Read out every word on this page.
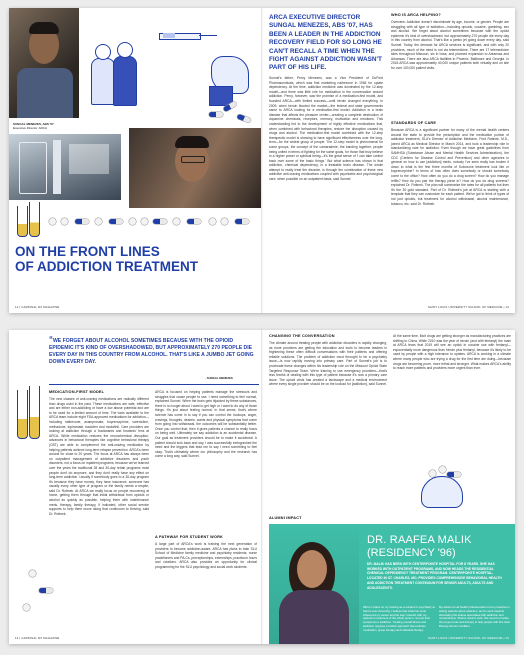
SUNGAL MENEZES, ABS '07
Executive Director, ARCA
ON THE FRONT LINES
OF ADDICTION TREATMENT
ARCA EXECUTIVE DIRECTOR SUNGAL MENEZES, ABS '07, HAS BEEN A LEADER IN THE ADDICTION RECOVERY FIELD FOR SO LONG HE CAN'T RECALL A TIME WHEN THE FIGHT AGAINST ADDICTION WASN'T PART OF HIS LIFE.
Sunnel's father, Percy Menezes, was a Vice President of DuPont Pharmaceuticals, which was first marketing naltrexone in 1984 for opiate dependency. At the time, addiction medicine was dominated by the 12-step model—and there was little role for medication in the conversation around addiction. Percy, however, saw the promise of a medication-first model, and founded ARCA—with limited success—until heroin changed everything. In 2009, when heroin flooded the market—the federal and state governments came to ARCA looking for a medication-first model. Addiction is a brain disease that affects the pleasure center—creating a complete destruction of dopamine chemicals, receptors, memory, motivation and emotions. This understanding led to the development of highly effective medications that, when combined with behavioral therapies, restore the disruption caused by drugs and alcohol. The medication-first model combined with the 12-step therapeutic model is showing to have significant effectiveness over the long-term—for the widest group of people. The 12-step model is phenomenal for some groups, the concept of the camaraderie, the banding together, people being united in terms of fighting for the same goals, for those that truly believe in a higher power or spiritual being—it's the great sense of 'I can take control back over some of the basic things.' But what science has shown is that addiction, chemical dependency, is a treatable brain disease. The whole attempt to really treat the disorder, is through the combination of these new addictive anti-craving medications coupled with psychiatric and psychological care, when possible on an outpatient basis, said Sunnel.
WHO IS ARCA HELPING?
Overview: Addiction doesn't discriminate by age, income, or gender. People are struggling with all type of addiction—including opioids, cocaine, gambling, sex and alcohol. We forget about alcohol sometimes because with the opioid epidemic it's kind of overshadowed, but approximately 270 people die every day in this country from alcohol. That's like a jumbo jet going down every day, said Sunnel. Today, the demand for ARCA services is significant, and with only 20 providers, much of the need is not via telemedicine. There are 17 telemedicine sites throughout Missouri, six in Iowa, and planned expansion to Arkansas and Arkansas. There are also ARCA facilities in Phoenix, Baltimore and Georgia. In 2018 ARCA saw approximately 40,000 unique patients both virtually and on site for over 100,000 patient visits.
STANDARDS OF CARE
Because ARCA is a significant partner for many of the mental health centers around the state to provide the prescription and the medication portion of addiction treatment, SLU's Director of Addiction Medicine, Fred Rottnek, M.D., joined ARCA as Medical Director in March 2014, and took a leadership role in standardizing care for addiction. Even though we have great guidelines from SAMHSA (Substance Abuse and Mental Health Services Administration), the CDC (Centers for Disease Control and Prevention) and other agencies in general on how to use [addiction] meds, nobody I've seen really has broken it down to what is the first three months of Suboxone treatment look like or buprenorphine? In terms of how often does somebody or should somebody come to the office? How often do you do a drug screen? How do you manage refills? How do you pair the therapy piece in? How do you do drug screens? explained Dr. Rottnek. The plan will summarize the rates for all patients but then it's the 30 gold standard. Part of Dr. Rottnek's job at ARCA is starting with a template that they can customize for each patient. We've got to think of types of not just opioids, but treatment for alcohol withdrawal, alcohol maintenance, tobacco, etc. said Dr. Rottnek.
12 | CARDINAL RX MAGAZINE	SAINT LOUIS UNIVERSITY SCHOOL OF MEDICINE | 13
“WE FORGET ABOUT ALCOHOL SOMETIMES BECAUSE WITH THE OPIOID EPIDEMIC IT'S KIND OF OVERSHADOWED, BUT APPROXIMATELY 270 PEOPLE DIE EVERY DAY IN THIS COUNTRY FROM ALCOHOL. THAT'S LIKE A JUMBO JET GOING DOWN EVERY DAY.
- SUNGAL MENEZES
MEDICATION-FIRST MODEL
The new classes of anti-craving medications are radically different than drugs used in the past. These medications are safe, effective and are either non-addicting or have a low abuse potential and are to be used for a limited amount of time. The tools available to the ARCA team include eight FDA-approved medications for addiction—including naltrexone, acamprosate, buprenorphine, varenicline, methadone, topiramate, baclofen and modafinil. Care providers are looking at addiction through a 'backwards and forwards' lens at ARCA. While medication restores the neurochemical disruption, advances in behavioral therapies like cognitive behavioral therapy (CBT) are able to complement the anti-craving medication by helping patients achieve long-term relapse prevention. ARCA's been around for close to 20 years. The focus at ARCA has always been on outpatient management of addictive disorders and youth disorders, not a focus on inpatient programs, because we've learned over the years the traditional 28 and 30-day rehab programs most people don't do anymore, and they don't really have any effect on long-term addiction. Usually if somebody goes to a 30-day program it's because they have money, they have insurance, someone has usually every other type of program or the family needs a respite, said Dr. Rottnek. At ARCA we really focus on people recovering at home, getting them through that initial withdrawal from opioids or alcohol as quickly as possible, helping them with maintenance meds, therapy, family therapy, if indicated, other social service supports to help them move along that continuum to thriving, said Dr. Rottnek.
ARCA is focused on helping patients manage the stressors and struggles that cause people to use. I need something to feel normal, explained Sunnel. When the brain gets hijacked by these substances, there is no longer about I want to get high or I want to do any of those things. It's just about feeling normal. In that sense, that's where science has come in to say if you can control the hookups, anger, cravings, thoughts, desires, wants and physical symptoms that come from going into withdrawal, the outcomes will be substantially better. Once you control that, then it gives patients a chance to really focus on being well. Ultimately we say addiction is an accidental disease. Our goal as treatment providers should be to make it accidental. A patient should look back and say, I was successfully extinguished the need and the triggers that lead me to say I need something to feel okay. That's ultimately where our philosophy and the research has come a long way, said Sunnel.
A PATHWAY FOR STUDENT WORK
A large part of ARCA's work is training the next generation of providers to become addiction-aware. ARCA has plans to train SLU School of Medicine family medicine and psychiatry residents, nurse practitioners and PA-Cs, preceptorships, externships, practicum hours and rotations. ARCA also provides an opportunity for clinical programming for the SLU psychology and social work students.
CHANGING THE CONVERSATION
The climate around treating people with addiction disorders is rapidly changing, as more providers are getting the education and tools to become leaders in frightening these often difficult conversations with their patients and offering reliable solutions. The problem of addiction must throught to be a psychiatry issue—is now rapidly moving into primary care. Part of Sunnel's job is to proximate these changes within his leadership role on the Missouri Opioid State Targeted Response Team. We're training to use emergency providers—that's less fearful of dealing with this type of patient because it's now a primary care issue. The opioid crisis has created a landscape and a medical environment where every single provider should be on the lookout for [addiction], said Sunnel.
At the same time, illicit drugs are getting stronger as manufacturing practices are shifting to China. While 2010 was the year of heroin (and with fentanyl) the main at ARCA fears that 2019 will see an uptick in cocaine use with fentanyl—exponentially more dangerous than heroin plus fentanyl, because it's likely to be used by people with a high tolerance to opiates. ARCA is working in a climate where many people who are trying a drug for the first time are doing—because drugs are becoming purer, more lethal and stronger. What makes ARCA's ability to reach more patients and providers more urgent than ever.
ALUMNI IMPACT
DR. RAAFEA MALIK
(RESIDENCY '96)
DR. MALIK HAS BEEN WITH CENTERPOINTE HOSPITAL FOR 8 YEARS. SHE HAS WORKED WITH OUTPATIENT PROGRAMS, AND NOW HEADS THE RESIDENTIAL CHEMICAL DEPENDENCY TREATMENT PROGRAM. CENTERPOINTE HOSPITAL, LOCATED IN ST. CHARLES, MO, PROVIDES COMPREHENSIVE BEHAVIORAL HEALTH AND ADDICTION TREATMENT CONTINUUM FOR SENIOR ADULTS, ADULTS AND ADOLESCENTS.
When I reflect on my training as a resident in psychiatry at Saint Louis University, I believe that what has most influenced my career and the way I interact with my patients is treatment of the whole person, not just their symptoms or addiction. Treating mental illness and addiction requires a holistic approach that includes medication, group therapy and individual therapy.
My advice for all health professionals is to be proactive in asking patients about addiction, and to work towards eliminating the shame associated with addiction and mental illness. Shame doesn't work. We need to provide the proper tools and therapy to help people with this often lifelong chronic condition.
14 | CARDINAL RX MAGAZINE	SAINT LOUIS UNIVERSITY SCHOOL OF MEDICINE | 15
